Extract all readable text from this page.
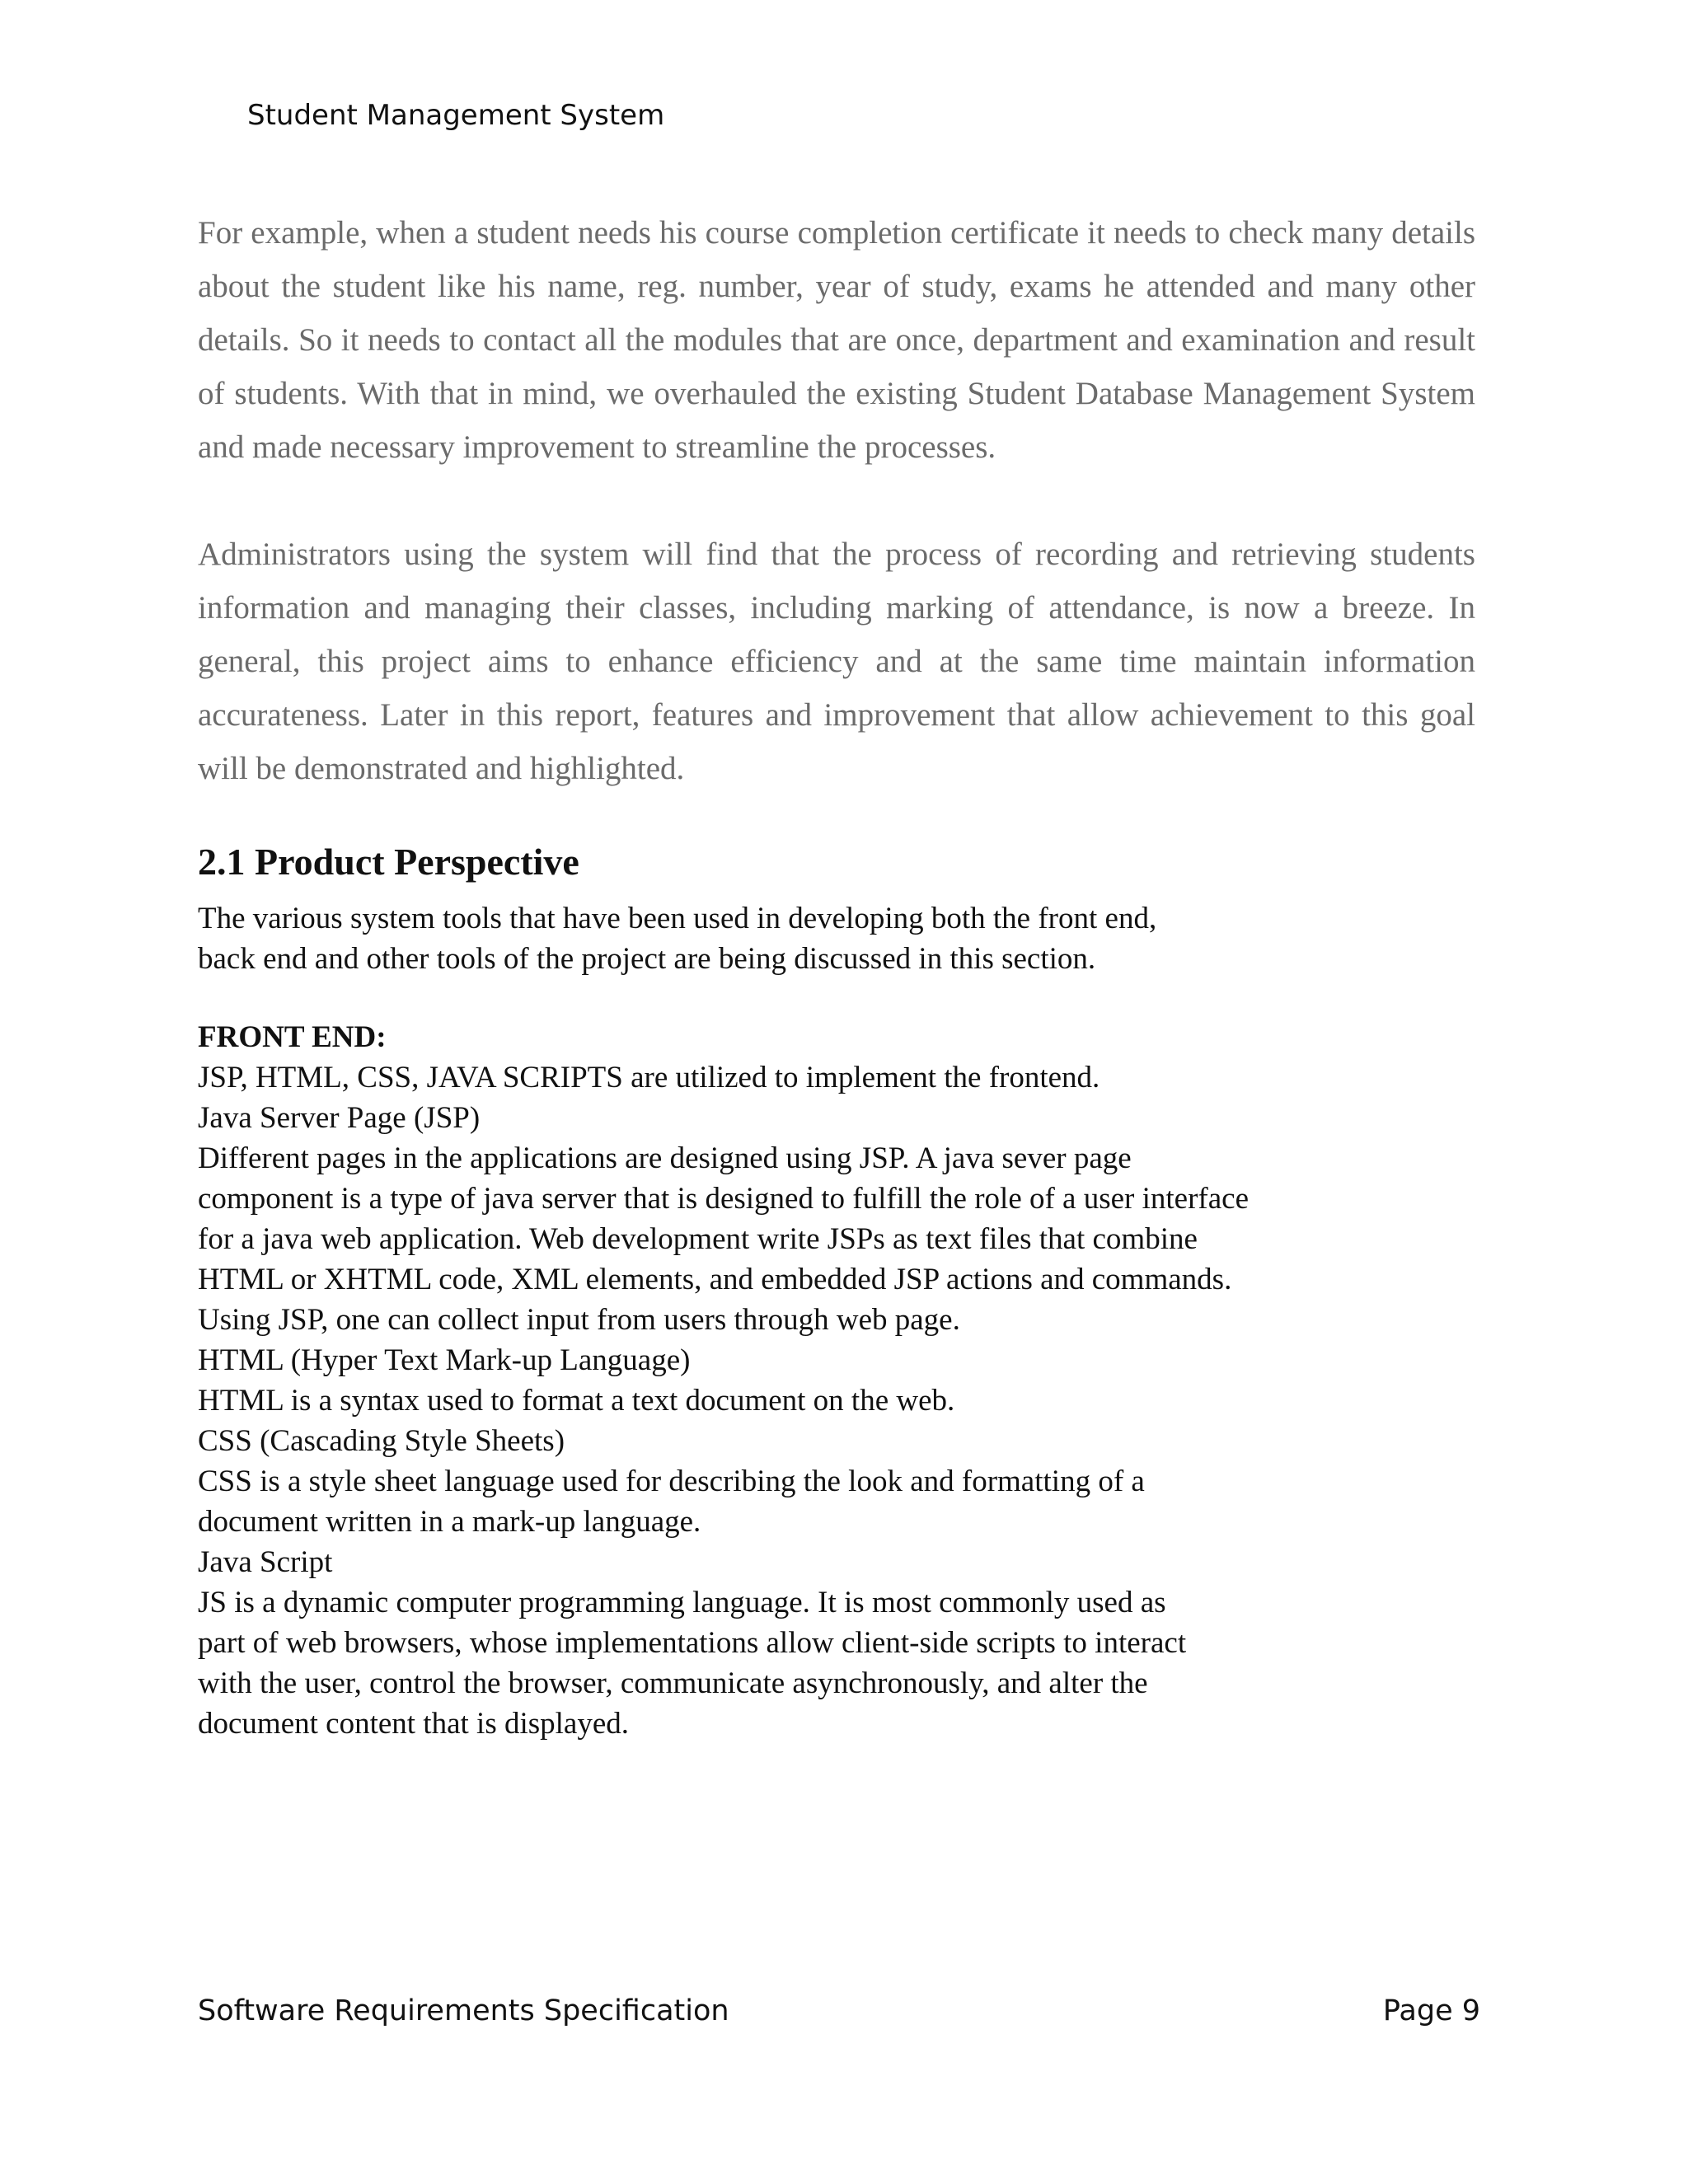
Student Management System

For example, when a student needs his course completion certificate it needs to check many details about the student like his name, reg. number, year of study, exams he attended and many other details. So it needs to contact all the modules that are once, department and examination and result of students. With that in mind, we overhauled the existing Student Database Management System and made necessary improvement to streamline the processes.

Administrators using the system will find that the process of recording and retrieving students information and managing their classes, including marking of attendance, is now a breeze. In general, this project aims to enhance efficiency and at the same time maintain information accurateness. Later in this report, features and improvement that allow achievement to this goal will be demonstrated and highlighted.

2.1 Product Perspective
The various system tools that have been used in developing both the front end,
back end and other tools of the project are being discussed in this section.
FRONT END:
JSP, HTML, CSS, JAVA SCRIPTS are utilized to implement the frontend.
Java Server Page (JSP)
Different pages in the applications are designed using JSP. A java sever page
component is a type of java server that is designed to fulfill the role of a user interface
for a java web application. Web development write JSPs as text files that combine
HTML or XHTML code, XML elements, and embedded JSP actions and commands.
Using JSP, one can collect input from users through web page.
HTML (Hyper Text Mark-up Language)
HTML is a syntax used to format a text document on the web.
CSS (Cascading Style Sheets)
CSS is a style sheet language used for describing the look and formatting of a
document written in a mark-up language.
Java Script
JS is a dynamic computer programming language. It is most commonly used as
part of web browsers, whose implementations allow client-side scripts to interact
with the user, control the browser, communicate asynchronously, and alter the
document content that is displayed.
Software Requirements Specification	Page 9
